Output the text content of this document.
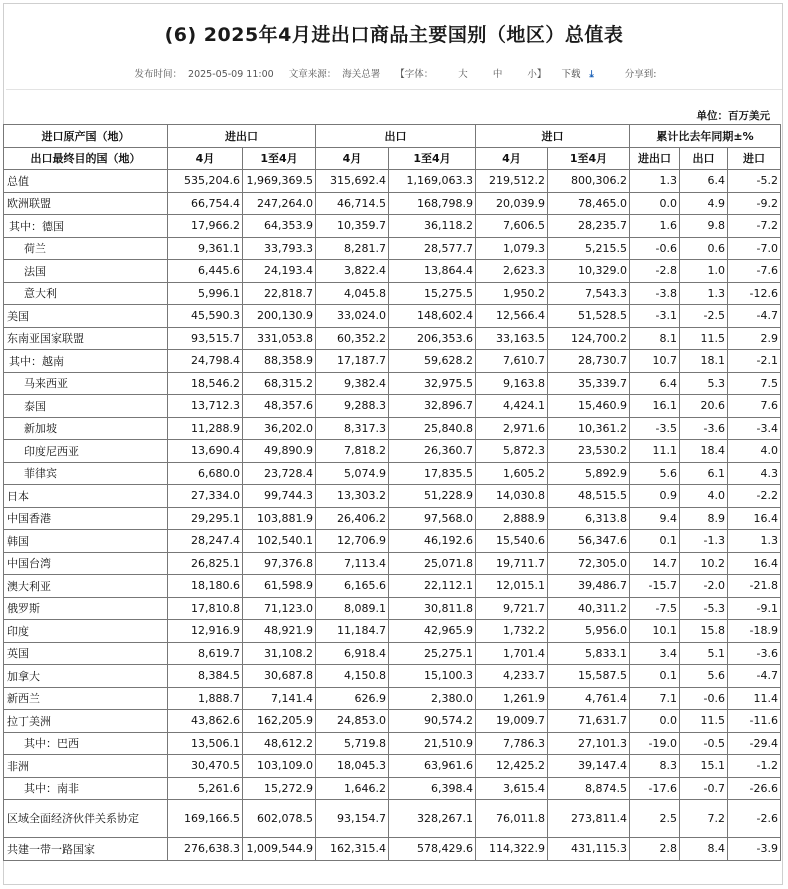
(6) 2025年4月进出口商品主要国别（地区）总值表
发布时间： 2025-05-09 11:00 文章来源： 海关总署 【字体：	大	中	小】 下载 ⤓	分享到:
单位：百万美元
进口原产国（地）	进出口		出口		进口		累计比去年同期±%		
出口最终目的国（地）	4月	1至4月	4月	1至4月	4月	1至4月	进出口	出口	进口
总值	535,204.6	1,969,369.5	315,692.4	1,169,063.3	219,512.2	800,306.2	1.3	6.4	-5.2
欧洲联盟	66,754.4	247,264.0	46,714.5	168,798.9	20,039.9	78,465.0	0.0	4.9	-9.2
其中：德国	17,966.2	64,353.9	10,359.7	36,118.2	7,606.5	28,235.7	1.6	9.8	-7.2
荷兰	9,361.1	33,793.3	8,281.7	28,577.7	1,079.3	5,215.5	-0.6	0.6	-7.0
法国	6,445.6	24,193.4	3,822.4	13,864.4	2,623.3	10,329.0	-2.8	1.0	-7.6
意大利	5,996.1	22,818.7	4,045.8	15,275.5	1,950.2	7,543.3	-3.8	1.3	-12.6
美国	45,590.3	200,130.9	33,024.0	148,602.4	12,566.4	51,528.5	-3.1	-2.5	-4.7
东南亚国家联盟	93,515.7	331,053.8	60,352.2	206,353.6	33,163.5	124,700.2	8.1	11.5	2.9
其中：越南	24,798.4	88,358.9	17,187.7	59,628.2	7,610.7	28,730.7	10.7	18.1	-2.1
马来西亚	18,546.2	68,315.2	9,382.4	32,975.5	9,163.8	35,339.7	6.4	5.3	7.5
泰国	13,712.3	48,357.6	9,288.3	32,896.7	4,424.1	15,460.9	16.1	20.6	7.6
新加坡	11,288.9	36,202.0	8,317.3	25,840.8	2,971.6	10,361.2	-3.5	-3.6	-3.4
印度尼西亚	13,690.4	49,890.9	7,818.2	26,360.7	5,872.3	23,530.2	11.1	18.4	4.0
菲律宾	6,680.0	23,728.4	5,074.9	17,835.5	1,605.2	5,892.9	5.6	6.1	4.3
日本	27,334.0	99,744.3	13,303.2	51,228.9	14,030.8	48,515.5	0.9	4.0	-2.2
中国香港	29,295.1	103,881.9	26,406.2	97,568.0	2,888.9	6,313.8	9.4	8.9	16.4
韩国	28,247.4	102,540.1	12,706.9	46,192.6	15,540.6	56,347.6	0.1	-1.3	1.3
中国台湾	26,825.1	97,376.8	7,113.4	25,071.8	19,711.7	72,305.0	14.7	10.2	16.4
澳大利亚	18,180.6	61,598.9	6,165.6	22,112.1	12,015.1	39,486.7	-15.7	-2.0	-21.8
俄罗斯	17,810.8	71,123.0	8,089.1	30,811.8	9,721.7	40,311.2	-7.5	-5.3	-9.1
印度	12,916.9	48,921.9	11,184.7	42,965.9	1,732.2	5,956.0	10.1	15.8	-18.9
英国	8,619.7	31,108.2	6,918.4	25,275.1	1,701.4	5,833.1	3.4	5.1	-3.6
加拿大	8,384.5	30,687.8	4,150.8	15,100.3	4,233.7	15,587.5	0.1	5.6	-4.7
新西兰	1,888.7	7,141.4	626.9	2,380.0	1,261.9	4,761.4	7.1	-0.6	11.4
拉丁美洲	43,862.6	162,205.9	24,853.0	90,574.2	19,009.7	71,631.7	0.0	11.5	-11.6
其中：巴西	13,506.1	48,612.2	5,719.8	21,510.9	7,786.3	27,101.3	-19.0	-0.5	-29.4
非洲	30,470.5	103,109.0	18,045.3	63,961.6	12,425.2	39,147.4	8.3	15.1	-1.2
其中：南非	5,261.6	15,272.9	1,646.2	6,398.4	3,615.4	8,874.5	-17.6	-0.7	-26.6
区域全面经济伙伴关系协定	169,166.5	602,078.5	93,154.7	328,267.1	76,011.8	273,811.4	2.5	7.2	-2.6
共建一带一路国家	276,638.3	1,009,544.9	162,315.4	578,429.6	114,322.9	431,115.3	2.8	8.4	-3.9
